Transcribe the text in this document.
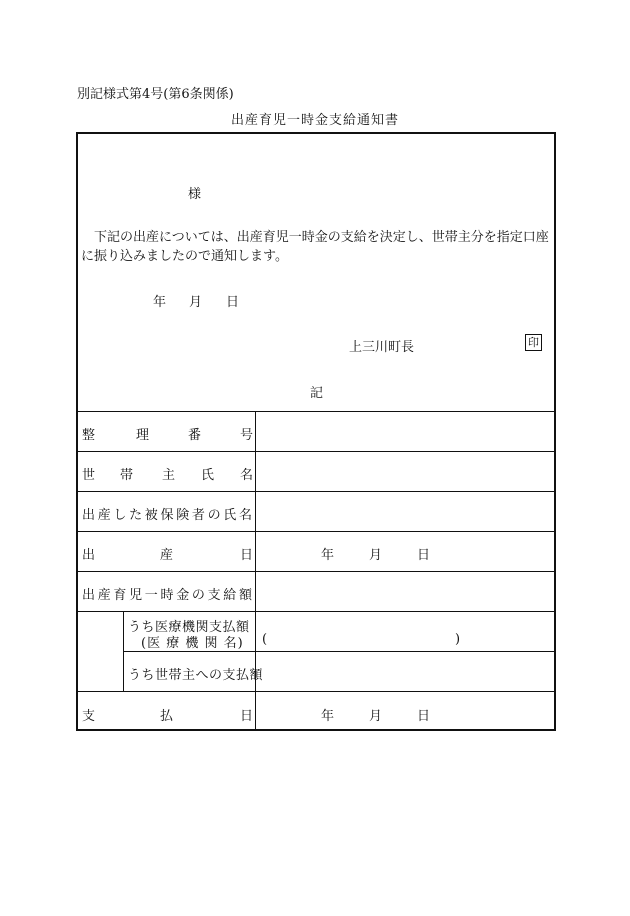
別記様式第4号(第6条関係)
出産育児一時金支給通知書
様
下記の出産については、出産育児一時金の支給を決定し、世帯主分を指定口座に振り込みましたので通知します。
年 月 日
上三川町長	印
記
整	理	番	号
世 帯 主 氏 名
出産した被保険者の氏名
出	産	日	年	月	日
出産育児一時金の支給額
うち医療機関支払額
(医 療 機 関 名) (	)
うち世帯主への支払額
支	払	日	年	月	日
